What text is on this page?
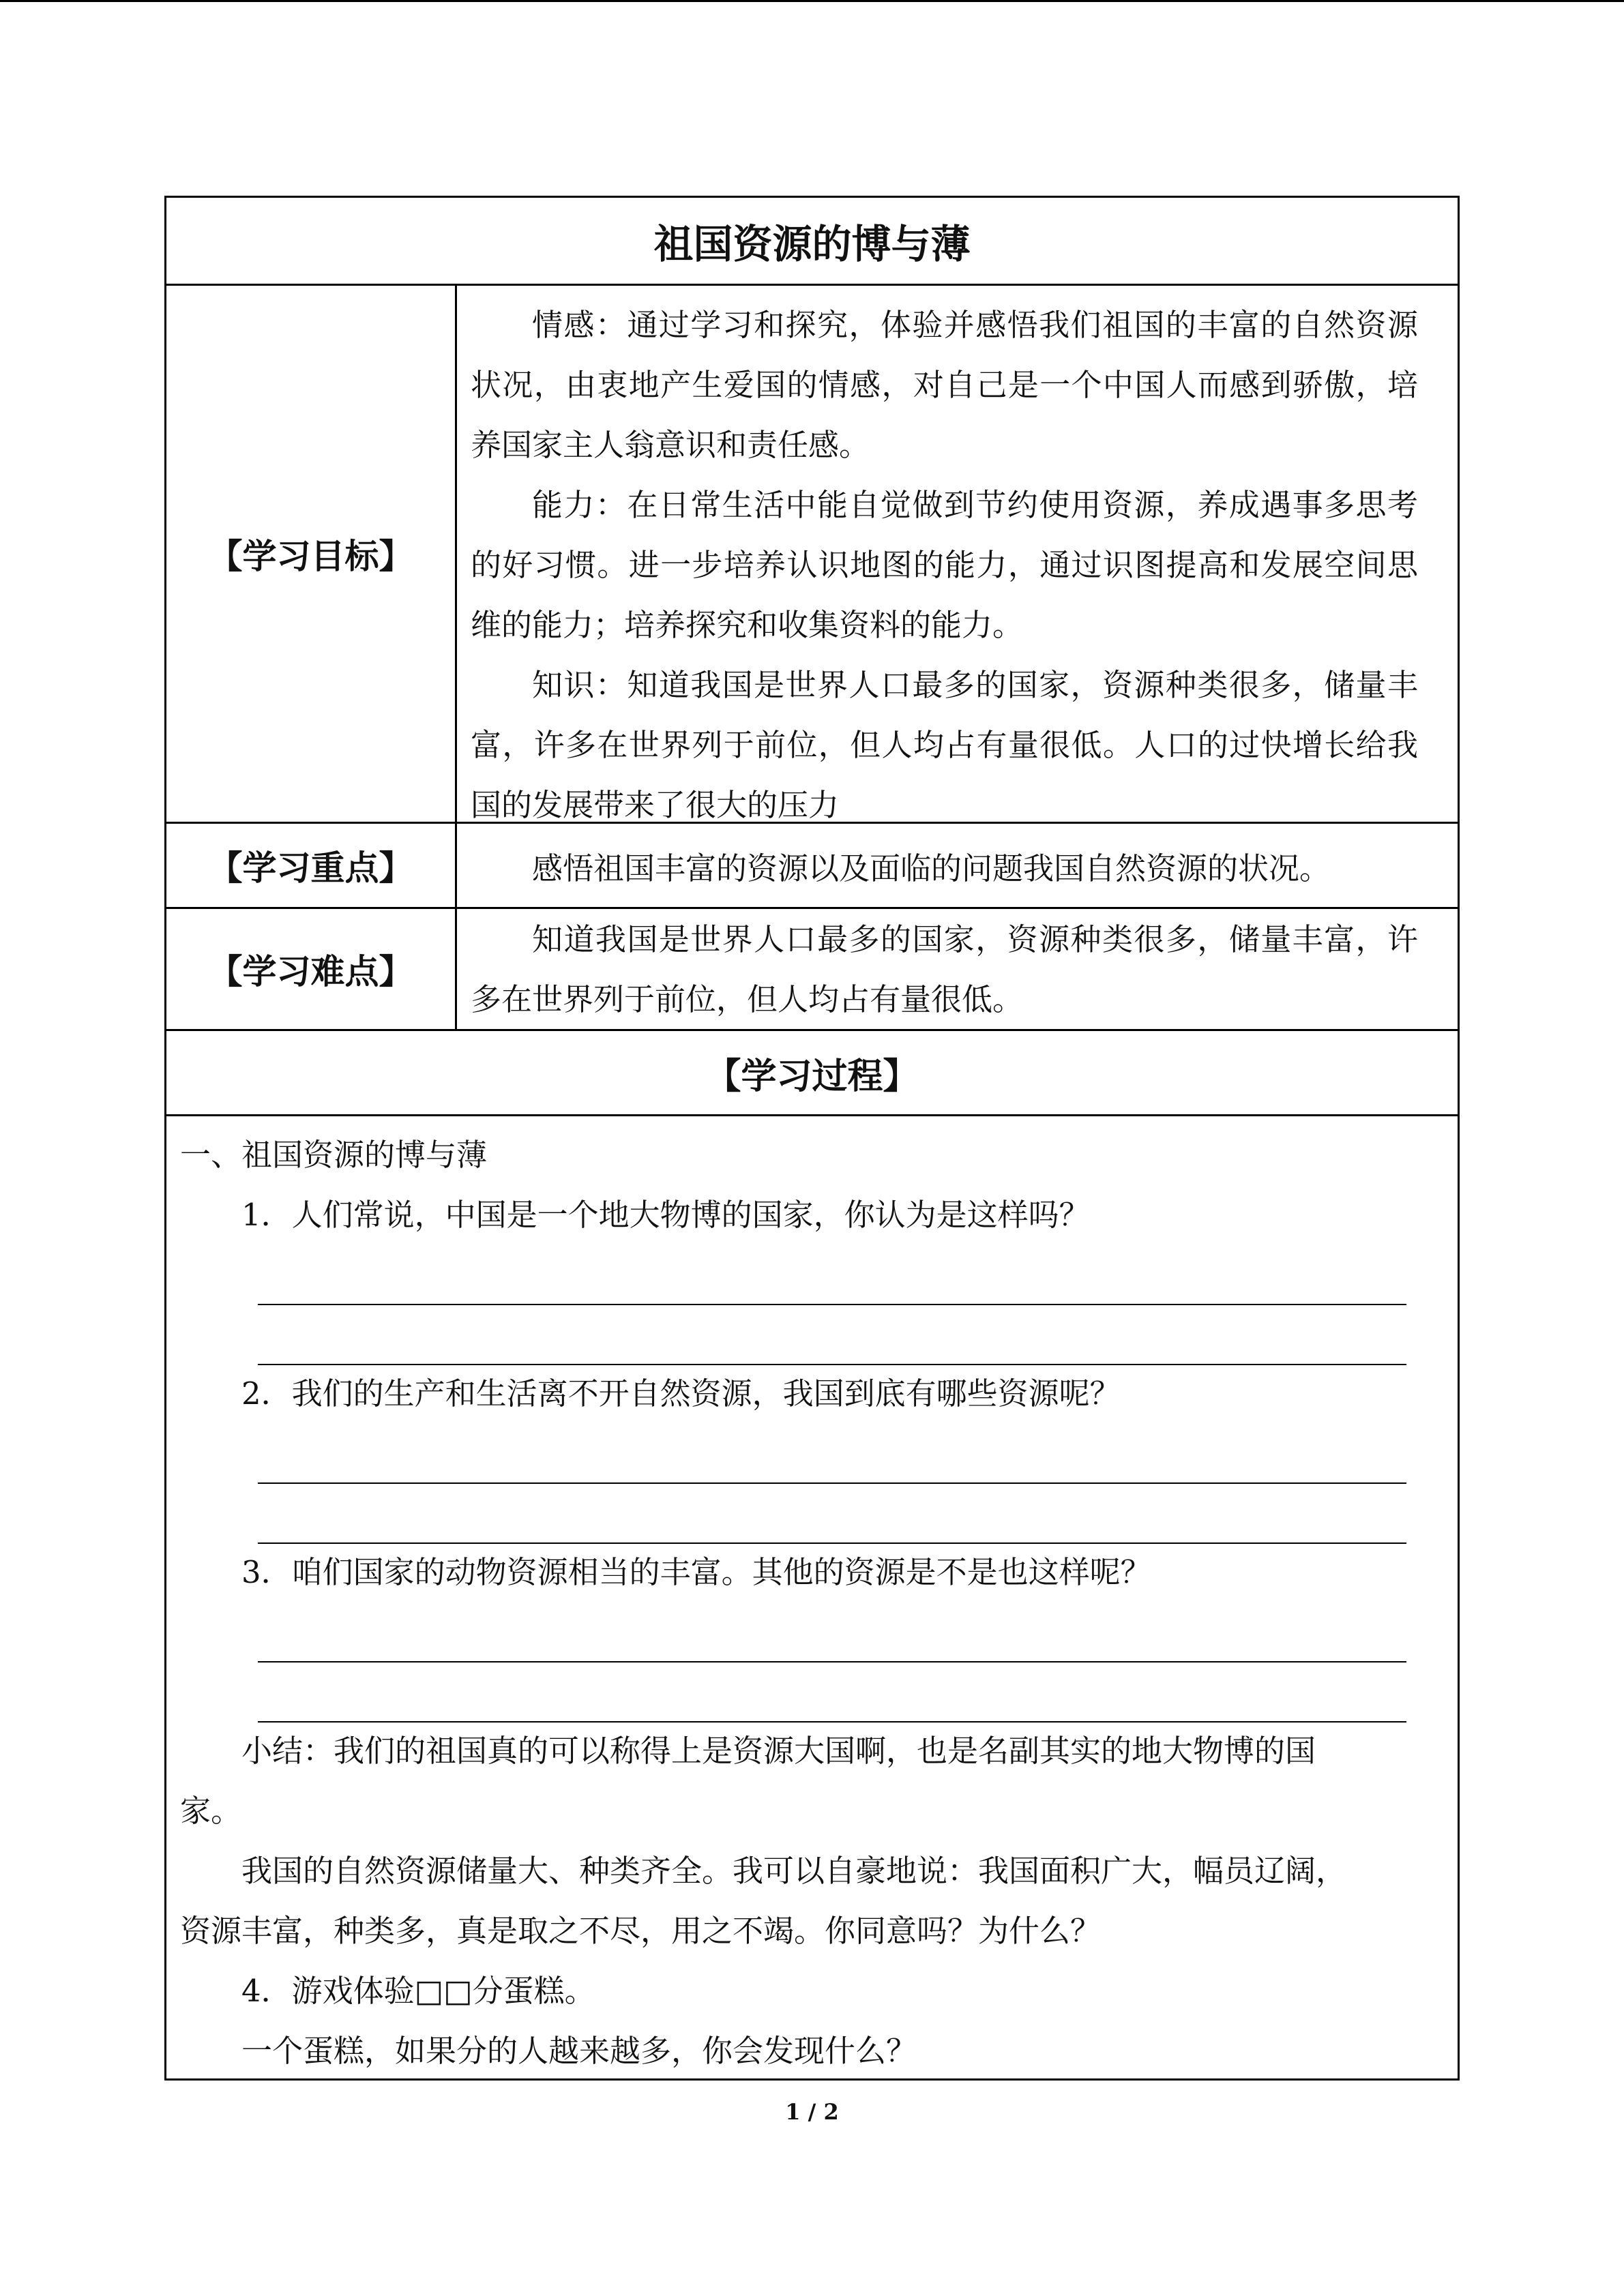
祖国资源的博与薄
【学习目标】

情感：通过学习和探究，体验并感悟我们祖国的丰富的自然资源状况，由衷地产生爱国的情感，对自己是一个中国人而感到骄傲，培养国家主人翁意识和责任感。

能力：在日常生活中能自觉做到节约使用资源，养成遇事多思考的好习惯。进一步培养认识地图的能力，通过识图提高和发展空间思维的能力；培养探究和收集资料的能力。

知识：知道我国是世界人口最多的国家，资源种类很多，储量丰富，许多在世界列于前位，但人均占有量很低。人口的过快增长给我国的发展带来了很大的压力

【学习重点】	感悟祖国丰富的资源以及面临的问题我国自然资源的状况。

【学习难点】

知道我国是世界人口最多的国家，资源种类很多，储量丰富，许多在世界列于前位，但人均占有量很低。

【学习过程】
一、祖国资源的博与薄
1．人们常说，中国是一个地大物博的国家，你认为是这样吗？
2．我们的生产和生活离不开自然资源，我国到底有哪些资源呢？
3．咱们国家的动物资源相当的丰富。其他的资源是不是也这样呢？
小结：我们的祖国真的可以称得上是资源大国啊，也是名副其实的地大物博的国
家。
我国的自然资源储量大、种类齐全。我可以自豪地说：我国面积广大，幅员辽阔，
资源丰富，种类多，真是取之不尽，用之不竭。你同意吗？为什么？
4．游戏体验□□分蛋糕。
一个蛋糕，如果分的人越来越多，你会发现什么？
1 / 2
